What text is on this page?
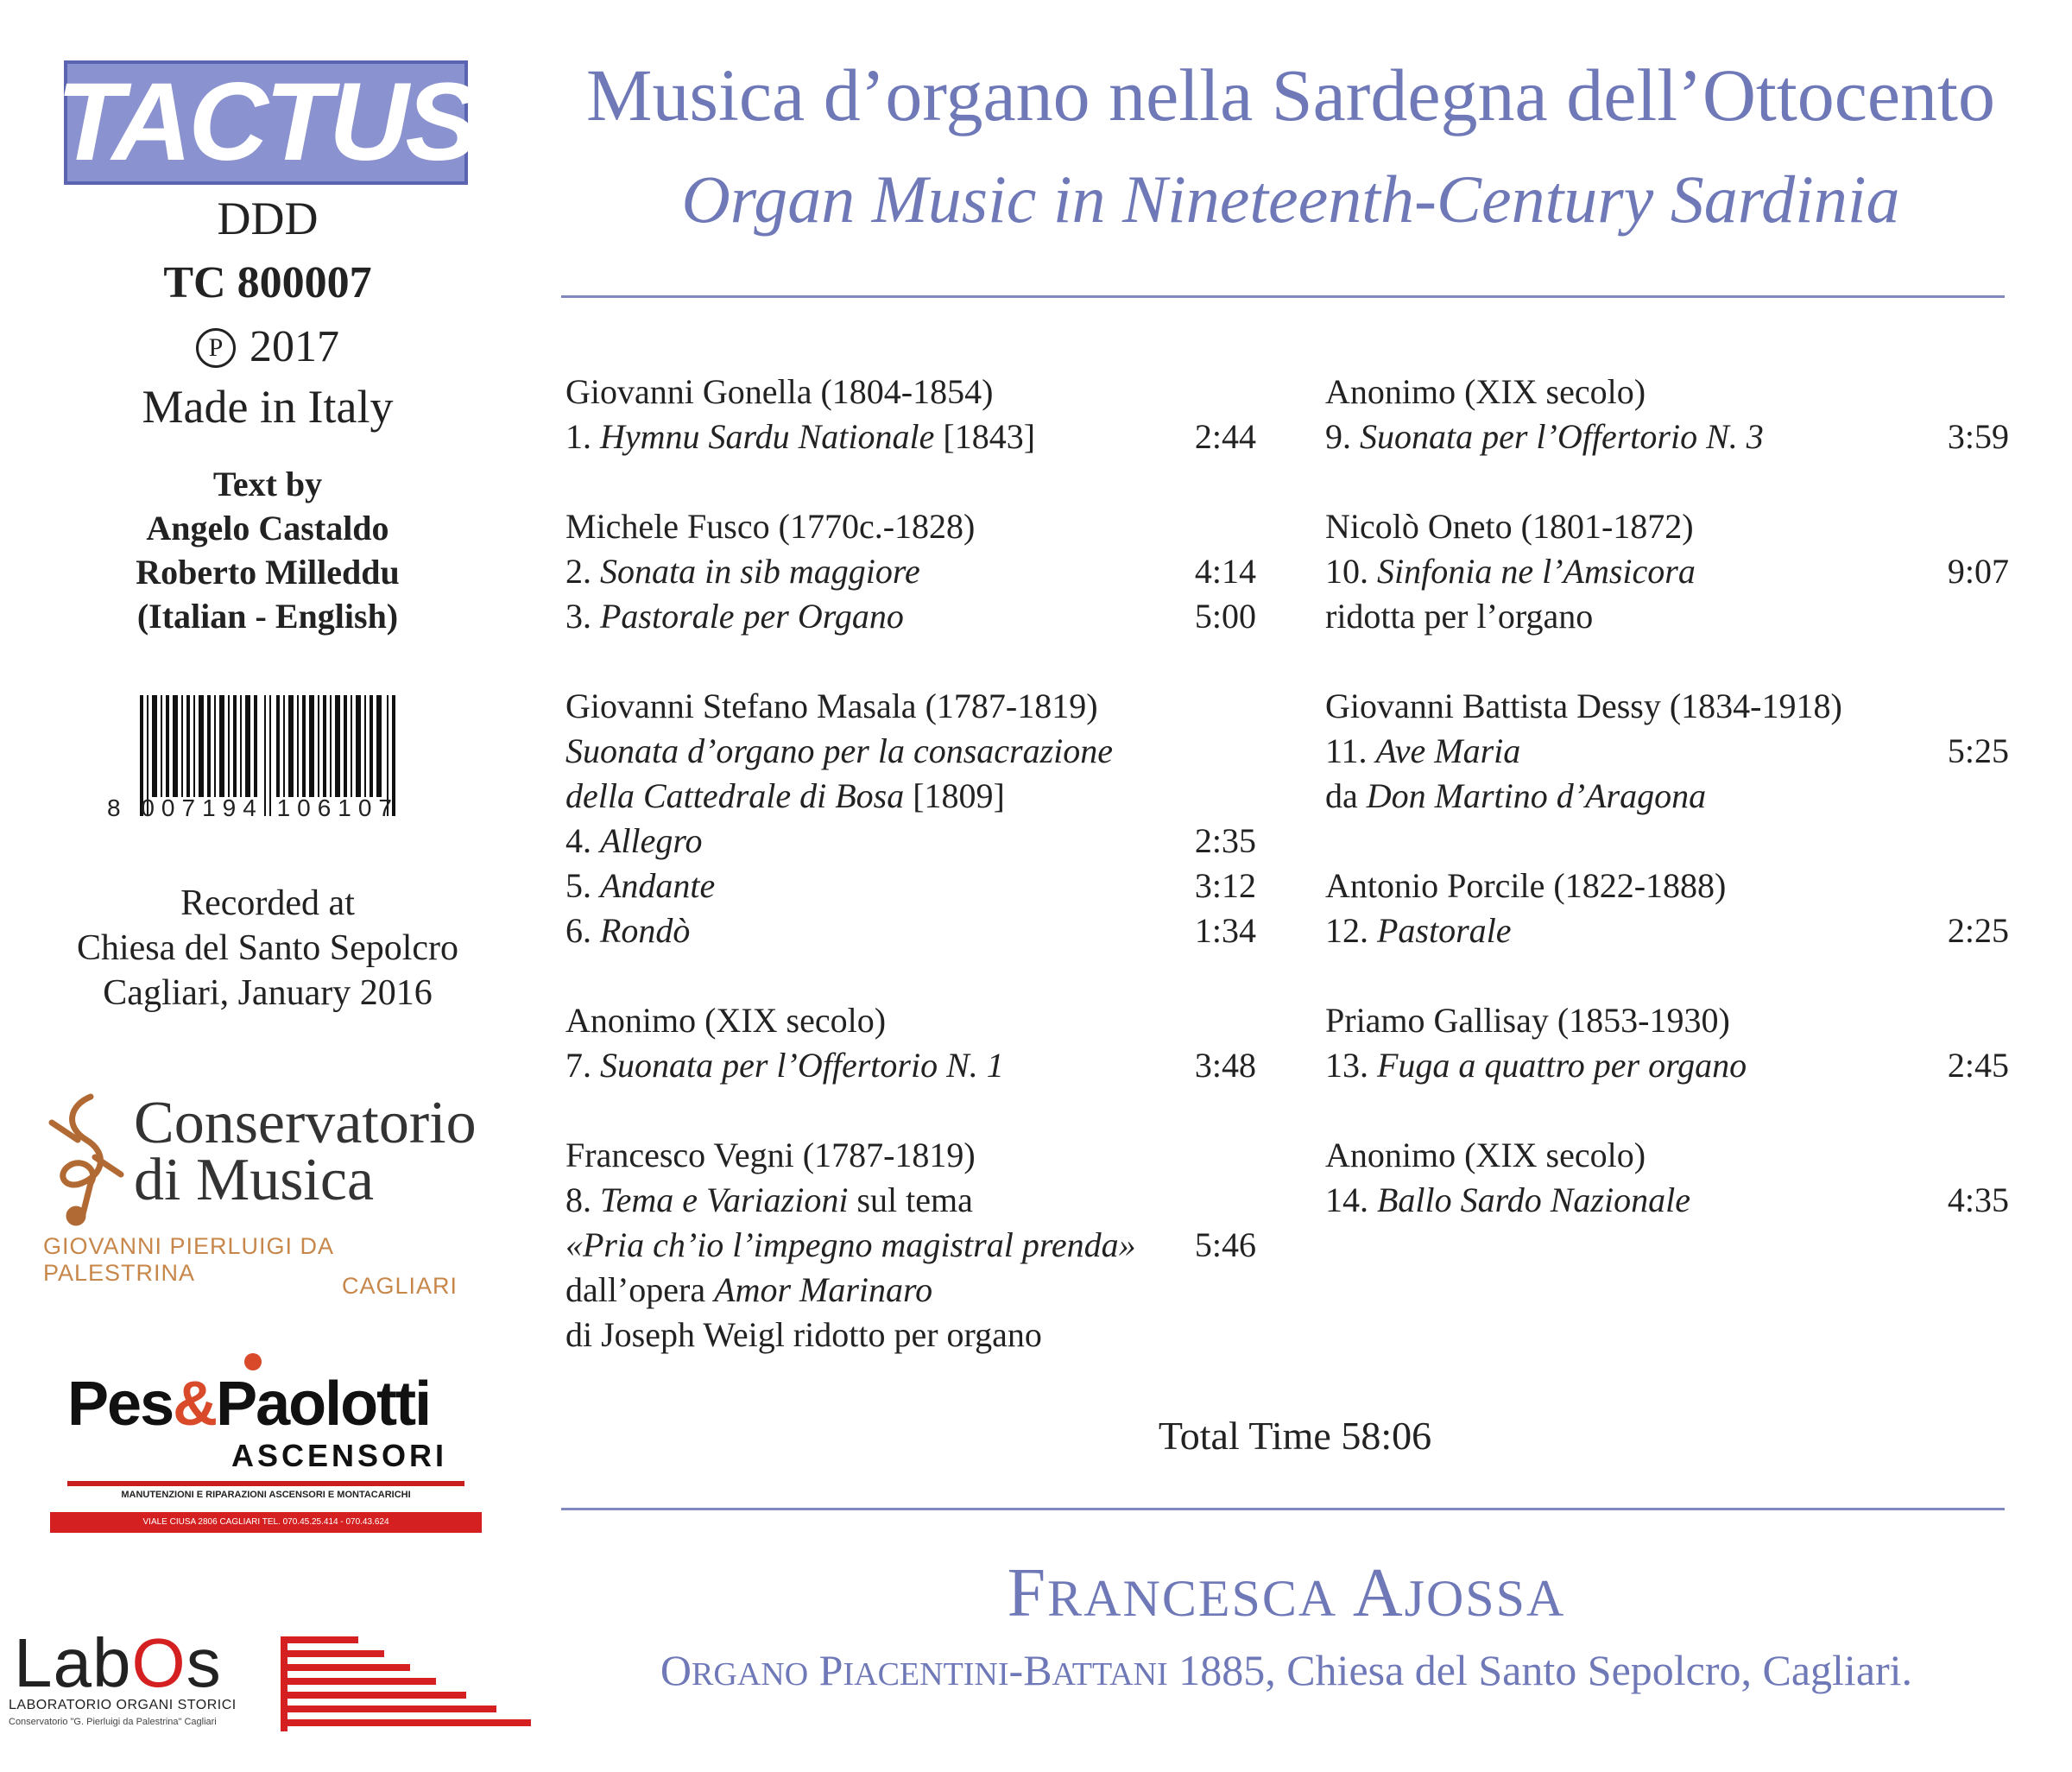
TACTUS
DDD
TC 800007
P 2017
Made in Italy
Text by
Angelo Castaldo
Roberto Milleddu
(Italian - English)
8 007194 106107
Recorded at
Chiesa del Santo Sepolcro
Cagliari, January 2016
Conservatorio
di Musica
GIOVANNI PIERLUIGI DA PALESTRINA	CAGLIARI
Pes&Paolotti
ASCENSORI
MANUTENZIONI E RIPARAZIONI ASCENSORI E MONTACARICHI
VIALE CIUSA 2806 CAGLIARI TEL. 070.45.25.414 - 070.43.624
LabOs
LABORATORIO ORGANI STORICI
Conservatorio "G. Pierluigi da Palestrina" Cagliari
Musica d’organo nella Sardegna dell’Ottocento
Organ Music in Nineteenth-Century Sardinia
Giovanni Gonella (1804-1854)
1. Hymnu Sardu Nationale [1843]	2:44
Michele Fusco (1770c.-1828)
2. Sonata in sib maggiore	4:14
3. Pastorale per Organo	5:00
Giovanni Stefano Masala (1787-1819)
Suonata d’organo per la consacrazione
della Cattedrale di Bosa [1809]
4. Allegro	2:35
5. Andante	3:12
6. Rondò	1:34
Anonimo (XIX secolo)
7. Suonata per l’Offertorio N. 1	3:48
Francesco Vegni (1787-1819)
8. Tema e Variazioni sul tema
«Pria ch’io l’impegno magistral prenda» 5:46
dall’opera Amor Marinaro
di Joseph Weigl ridotto per organo
Anonimo (XIX secolo)
9. Suonata per l’Offertorio N. 3	3:59
Nicolò Oneto (1801-1872)
10. Sinfonia ne l’Amsicora	9:07
ridotta per l’organo
Giovanni Battista Dessy (1834-1918)
11. Ave Maria	5:25
da Don Martino d’Aragona
Antonio Porcile (1822-1888)
12. Pastorale	2:25
Priamo Gallisay (1853-1930)
13. Fuga a quattro per organo	2:45
Anonimo (XIX secolo)
14. Ballo Sardo Nazionale	4:35
Total Time 58:06
FRANCESCA AJOSSA
ORGANO PIACENTINI-BATTANI 1885, Chiesa del Santo Sepolcro, Cagliari.
